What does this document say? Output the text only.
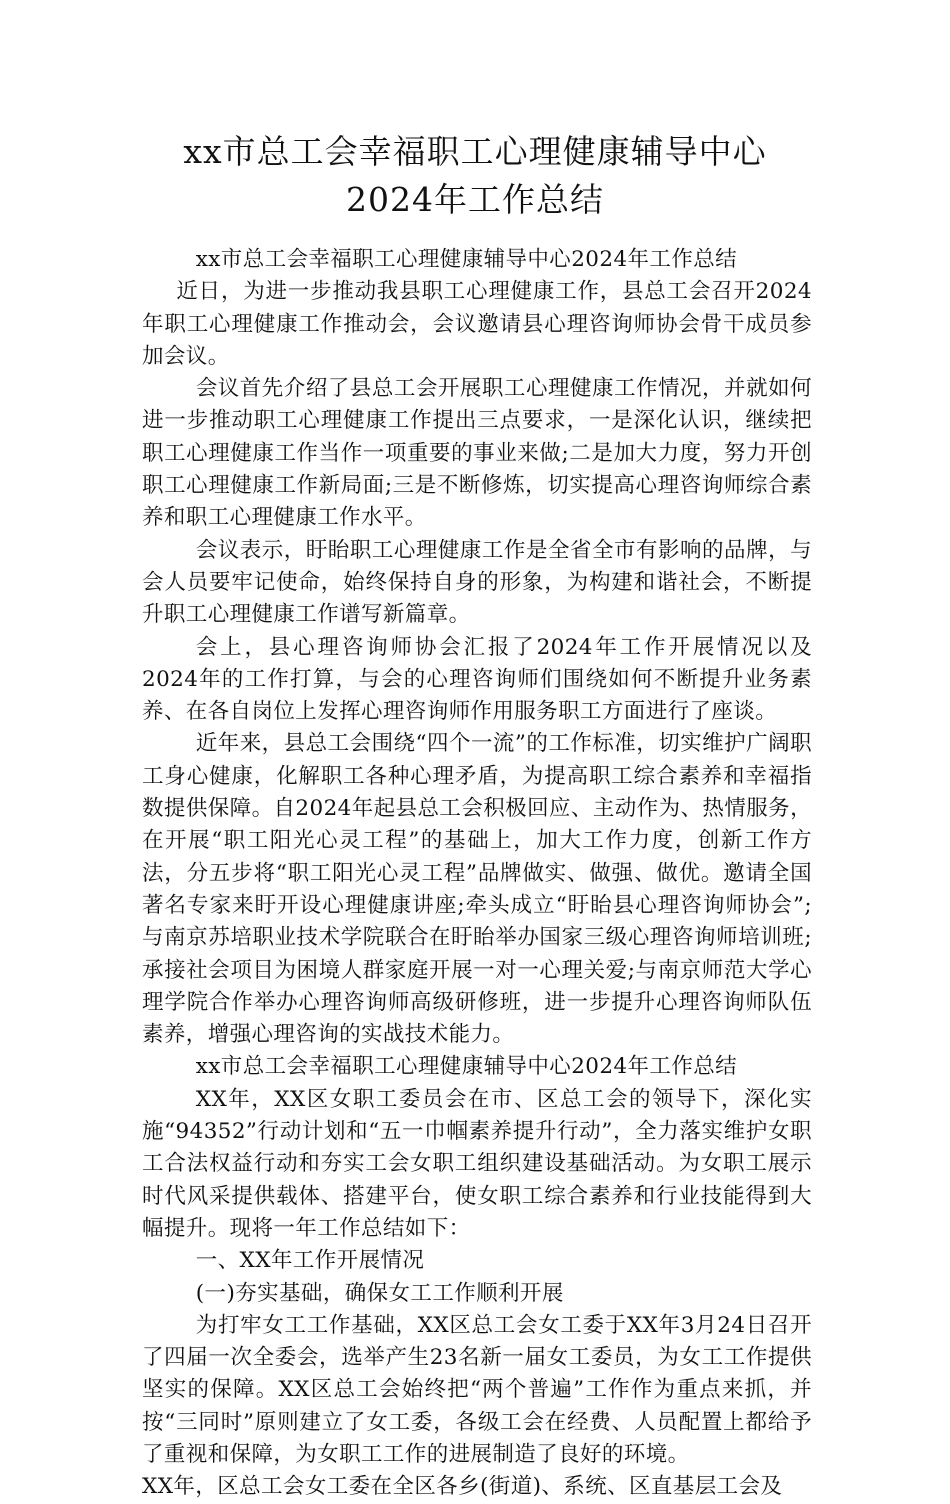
xx市总工会幸福职工心理健康辅导中心
2024年工作总结

xx市总工会幸福职工心理健康辅导中心2024年工作总结

近日，为进一步推动我县职工心理健康工作，县总工会召开2024年职工心理健康工作推动会，会议邀请县心理咨询师协会骨干成员参加会议。

会议首先介绍了县总工会开展职工心理健康工作情况，并就如何进一步推动职工心理健康工作提出三点要求，一是深化认识，继续把职工心理健康工作当作一项重要的事业来做;二是加大力度，努力开创职工心理健康工作新局面;三是不断修炼，切实提高心理咨询师综合素养和职工心理健康工作水平。

会议表示，盱眙职工心理健康工作是全省全市有影响的品牌，与会人员要牢记使命，始终保持自身的形象，为构建和谐社会，不断提升职工心理健康工作谱写新篇章。

会上，县心理咨询师协会汇报了2024年工作开展情况以及2024年的工作打算，与会的心理咨询师们围绕如何不断提升业务素养、在各自岗位上发挥心理咨询师作用服务职工方面进行了座谈。

近年来，县总工会围绕“四个一流”的工作标准，切实维护广阔职工身心健康，化解职工各种心理矛盾，为提高职工综合素养和幸福指数提供保障。自2024年起县总工会积极回应、主动作为、热情服务，在开展“职工阳光心灵工程”的基础上，加大工作力度，创新工作方法，分五步将“职工阳光心灵工程”品牌做实、做强、做优。邀请全国著名专家来盱开设心理健康讲座;牵头成立“盱眙县心理咨询师协会”;与南京苏培职业技术学院联合在盱眙举办国家三级心理咨询师培训班;承接社会项目为困境人群家庭开展一对一心理关爱;与南京师范大学心理学院合作举办心理咨询师高级研修班，进一步提升心理咨询师队伍素养，增强心理咨询的实战技术能力。

xx市总工会幸福职工心理健康辅导中心2024年工作总结

XX年，XX区女职工委员会在市、区总工会的领导下，深化实施“94352”行动计划和“五一巾帼素养提升行动”，全力落实维护女职工合法权益行动和夯实工会女职工组织建设基础活动。为女职工展示时代风采提供载体、搭建平台，使女职工综合素养和行业技能得到大幅提升。现将一年工作总结如下：

一、XX年工作开展情况

(一)夯实基础，确保女工工作顺利开展

为打牢女工工作基础，XX区总工会女工委于XX年3月24日召开了四届一次全委会，选举产生23名新一届女工委员，为女工工作提供坚实的保障。XX区总工会始终把“两个普遍”工作作为重点来抓，并按“三同时”原则建立了女工委，各级工会在经费、人员配置上都给予了重视和保障，为女职工工作的进展制造了良好的环境。

XX年，区总工会女工委在全区各乡(街道)、系统、区直基层工会及
